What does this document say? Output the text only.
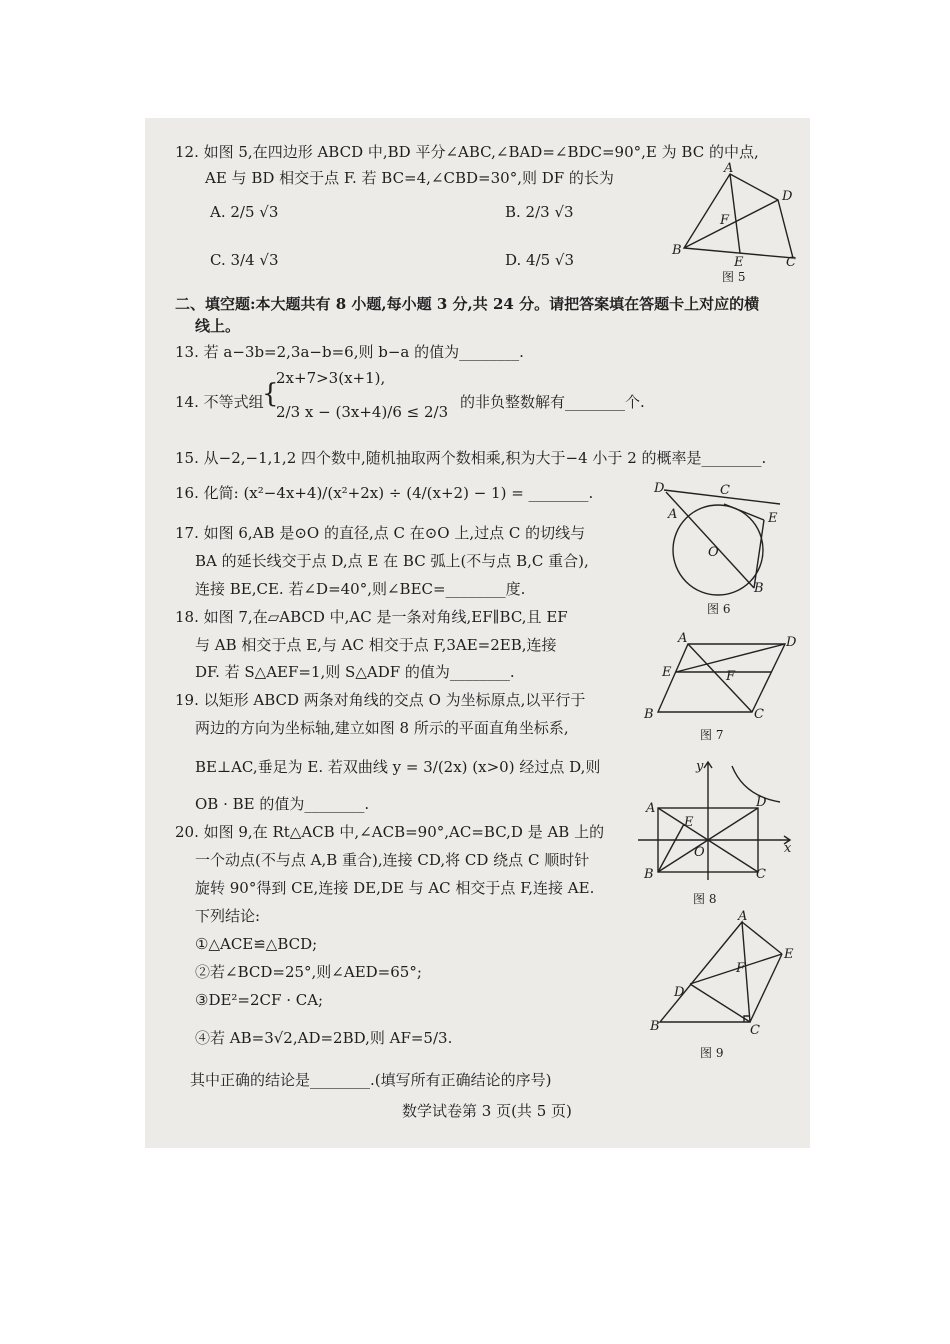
12. 如图 5,在四边形 ABCD 中,BD 平分∠ABC,∠BAD=∠BDC=90°,E 为 BC 的中点,
AE 与 BD 相交于点 F. 若 BC=4,∠CBD=30°,则 DF 的长为
A. 2/5 √3	B. 2/3 √3
C. 3/4 √3	D. 4/5 √3
A
D
F
B
E	C
图 5
二、填空题:本大题共有 8 小题,每小题 3 分,共 24 分。请把答案填在答题卡上对应的横
线上。
13. 若 a−3b=2,3a−b=6,则 b−a 的值为________.
14. 不等式组
{
2x+7>3(x+1),
2/3 x − (3x+4)/6 ≤ 2/3
的非负整数解有________个.
15. 从−2,−1,1,2 四个数中,随机抽取两个数相乘,积为大于−4 小于 2 的概率是________.
16. 化简: (x²−4x+4)/(x²+2x) ÷ (4/(x+2) − 1) = ________.	D	C
E
A
O
B
图 6
17. 如图 6,AB 是⊙O 的直径,点 C 在⊙O 上,过点 C 的切线与
BA 的延长线交于点 D,点 E 在 BC 弧上(不与点 B,C 重合),
连接 BE,CE. 若∠D=40°,则∠BEC=________度.
18. 如图 7,在▱ABCD 中,AC 是一条对角线,EF∥BC,且 EF
与 AB 相交于点 E,与 AC 相交于点 F,3AE=2EB,连接
DF. 若 S△AEF=1,则 S△ADF 的值为________.
A	D
E	F
B	C
图 7
19. 以矩形 ABCD 两条对角线的交点 O 为坐标原点,以平行于
两边的方向为坐标轴,建立如图 8 所示的平面直角坐标系,
BE⊥AC,垂足为 E. 若双曲线 y = 3/(2x) (x>0) 经过点 D,则
OB · BE 的值为________.
y
x
A
E
D
O
B	C
图 8
20. 如图 9,在 Rt△ACB 中,∠ACB=90°,AC=BC,D 是 AB 上的
一个动点(不与点 A,B 重合),连接 CD,将 CD 绕点 C 顺时针
旋转 90°得到 CE,连接 DE,DE 与 AC 相交于点 F,连接 AE.
下列结论:
①△ACE≌△BCD;
②若∠BCD=25°,则∠AED=65°;
③DE²=2CF · CA;
④若 AB=3√2,AD=2BD,则 AF=5/3.
其中正确的结论是________.(填写所有正确结论的序号)
A
E
F
D
B	C
图 9
数学试卷第 3 页(共 5 页)
